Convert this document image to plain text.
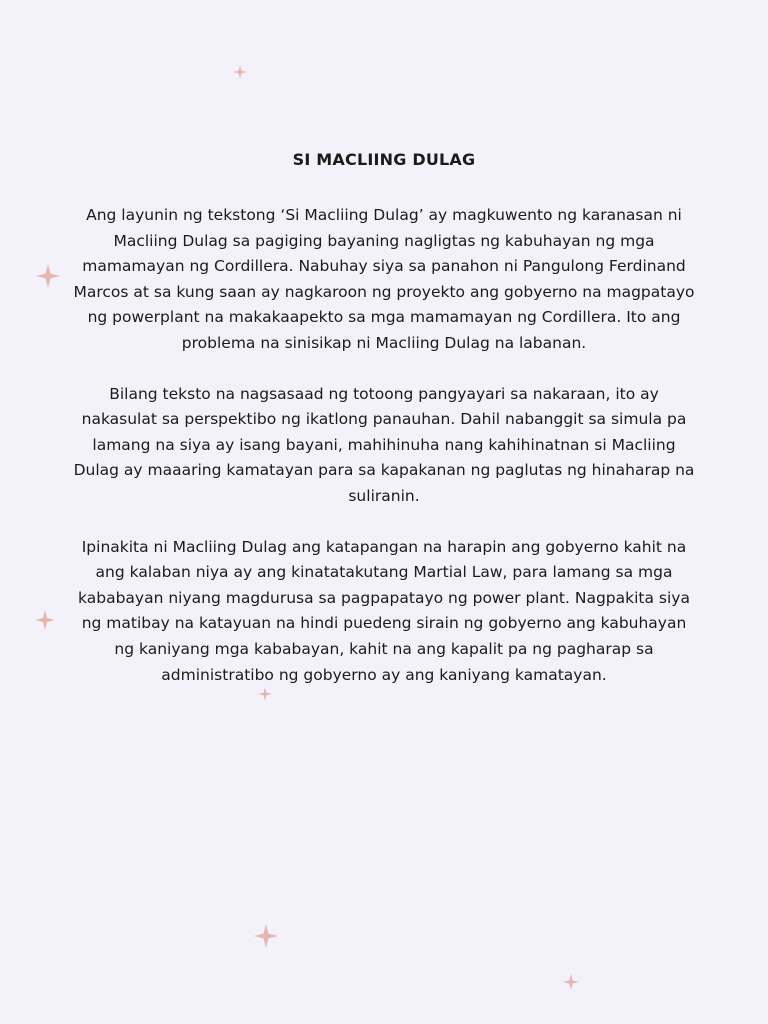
SI MACLIING DULAG

Ang layunin ng tekstong ‘Si Macliing Dulag’ ay magkuwento ng karanasan ni Macliing Dulag sa pagiging bayaning nagligtas ng kabuhayan ng mga mamamayan ng Cordillera. Nabuhay siya sa panahon ni Pangulong Ferdinand Marcos at sa kung saan ay nagkaroon ng proyekto ang gobyerno na magpatayo ng powerplant na makakaapekto sa mga mamamayan ng Cordillera. Ito ang problema na sinisikap ni Macliing Dulag na labanan.

Bilang teksto na nagsasaad ng totoong pangyayari sa nakaraan, ito ay nakasulat sa perspektibo ng ikatlong panauhan. Dahil nabanggit sa simula pa lamang na siya ay isang bayani, mahihinuha nang kahihinatnan si Macliing Dulag ay maaaring kamatayan para sa kapakanan ng paglutas ng hinaharap na suliranin.

Ipinakita ni Macliing Dulag ang katapangan na harapin ang gobyerno kahit na ang kalaban niya ay ang kinatatakutang Martial Law, para lamang sa mga kababayan niyang magdurusa sa pagpapatayo ng power plant. Nagpakita siya ng matibay na katayuan na hindi puedeng sirain ng gobyerno ang kabuhayan ng kaniyang mga kababayan, kahit na ang kapalit pa ng pagharap sa administratibo ng gobyerno ay ang kaniyang kamatayan.
